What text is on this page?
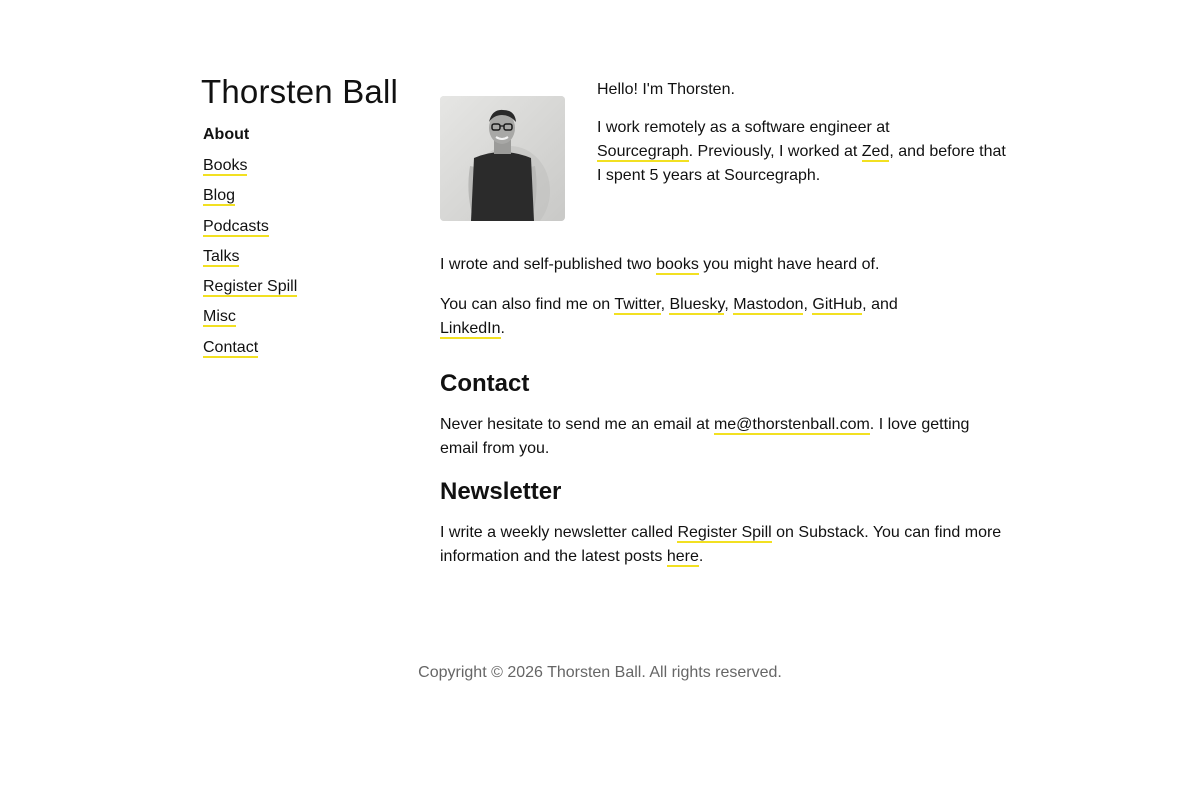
Thorsten Ball
About
Books
Blog
Podcasts
Talks
Register Spill
Misc
Contact

Hello! I'm Thorsten.

I work remotely as a software engineer at
Sourcegraph. Previously, I worked at Zed, and before that I spent 5 years at Sourcegraph.

I wrote and self-published two books you might have heard of.

You can also find me on Twitter, Bluesky, Mastodon, GitHub, and
LinkedIn.

Contact

Never hesitate to send me an email at me@thorstenball.com. I love getting email from you.

Newsletter

I write a weekly newsletter called Register Spill on Substack. You can find more information and the latest posts here.

Copyright © 2026 Thorsten Ball. All rights reserved.
